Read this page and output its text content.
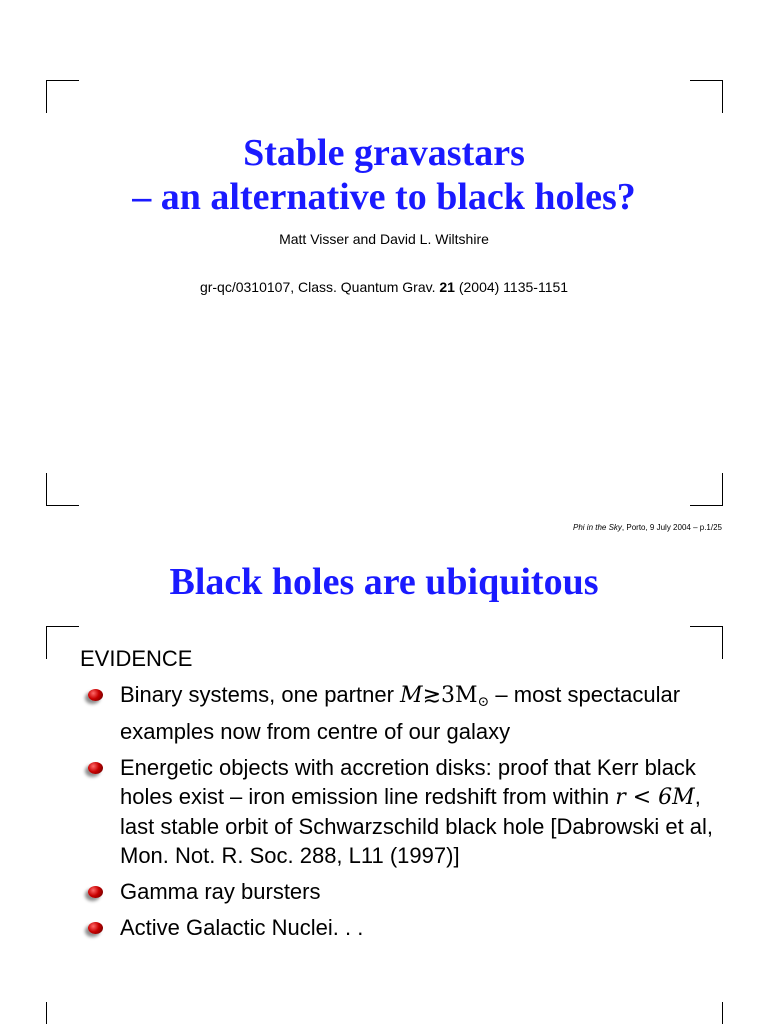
Stable gravastars
– an alternative to black holes?
Matt Visser and David L. Wiltshire
gr-qc/0310107, Class. Quantum Grav. 21 (2004) 1135-1151
Phi in the Sky, Porto, 9 July 2004 – p.1/25
Black holes are ubiquitous
EVIDENCE
Binary systems, one partner M≳3M⊙ – most spectacular examples now from centre of our galaxy
Energetic objects with accretion disks: proof that Kerr black holes exist – iron emission line redshift from within r < 6M, last stable orbit of Schwarzschild black hole [Dabrowski et al, Mon. Not. R. Soc. 288, L11 (1997)]
Gamma ray bursters
Active Galactic Nuclei. . .
